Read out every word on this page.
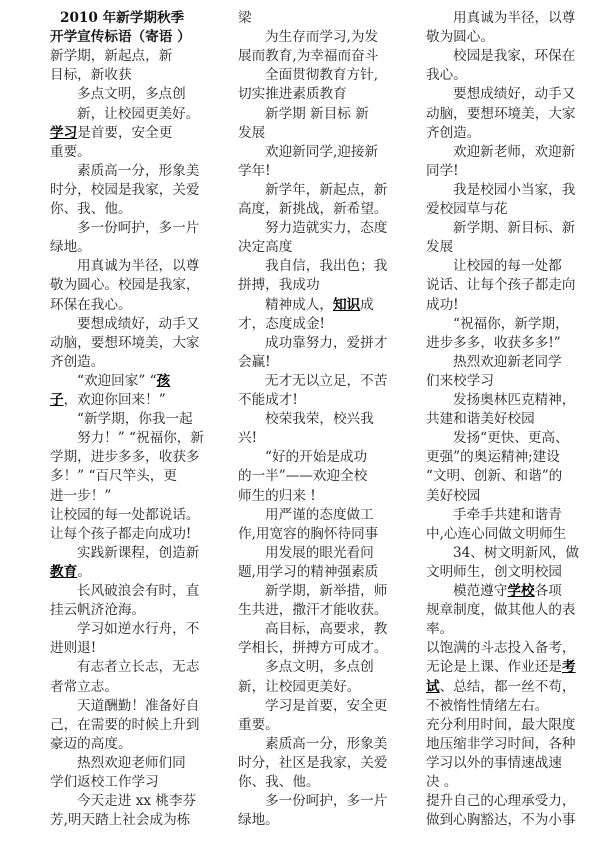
2010 年新学期秋季
开学宣传标语（寄语 ）
新学期，新起点，新
目标，新收获
多点文明，多点创
新，让校园更美好。
学习是首要，安全更
重要。
素质高一分，形象美
时分，校园是我家，关爱
你、我、他。
多一份呵护，多一片
绿地。
用真诚为半径，以尊
敬为圆心。校园是我家，
环保在我心。
要想成绩好，动手又
动脑，要想环境美，大家
齐创造。
“欢迎回家” “孩
子，欢迎你回来！”
“新学期，你我一起
努力！” “祝福你，新
学期，进步多多，收获多
多！” “百尺竿头，更
进一步！”
让校园的每一处都说话。
让每个孩子都走向成功!
实践新课程，创造新
教育。
长风破浪会有时，直
挂云帆济沧海。
学习如逆水行舟，不
进则退!
有志者立长志，无志
者常立志。
天道酬勤！准备好自
己，在需要的时候上升到
豪迈的高度。
热烈欢迎老师们同
学们返校工作学习
今天走进 xx 桃李芬
芳,明天踏上社会成为栋
梁
为生存而学习,为发
展而教育,为幸福而奋斗
全面贯彻教育方针,
切实推进素质教育
新学期 新目标 新
发展
欢迎新同学,迎接新
学年!
新学年，新起点，新
高度，新挑战，新希望。
努力造就实力，态度
决定高度
我自信，我出色；我
拼搏，我成功
精神成人，知识成
才，态度成金!
成功靠努力，爱拼才
会赢!
无才无以立足，不苦
不能成才!
校荣我荣，校兴我
兴!
“好的开始是成功
的一半”——欢迎全校
师生的归来 !
用严谨的态度做工
作,用宽容的胸怀待同事
用发展的眼光看问
题,用学习的精神强素质
新学期，新举措，师
生共进，撒汗才能收获。
高目标，高要求，教
学相长，拼搏方可成才。
多点文明，多点创
新，让校园更美好。
学习是首要，安全更
重要。
素质高一分，形象美
时分，社区是我家，关爱
你、我、他。
多一份呵护，多一片
绿地。
用真诚为半径，以尊
敬为圆心。
校园是我家，环保在
我心。
要想成绩好，动手又
动脑，要想环境美，大家
齐创造。
欢迎新老师，欢迎新
同学!
我是校园小当家，我
爱校园草与花
新学期、新目标、新
发展
让校园的每一处都
说话、让每个孩子都走向
成功!
“祝福你，新学期，
进步多多，收获多多!”
热烈欢迎新老同学
们来校学习
发扬奥林匹克精神，
共建和谐美好校园
发扬“更快、更高、
更强”的奥运精神;建设
“文明、创新、和谐”的
美好校园
手牵手共建和谐青
中,心连心同做文明师生
34、树文明新风，做
文明师生，创文明校园
模范遵守学校各项
规章制度，做其他人的表
率。
以饱满的斗志投入备考，
无论是上课、作业还是考
试、总结，都一丝不苟，
不被惰性情绪左右。
充分利用时间，最大限度
地压缩非学习时间，各种
学习以外的事情速战速
决 。
提升自己的心理承受力，
做到心胸豁达，不为小事
